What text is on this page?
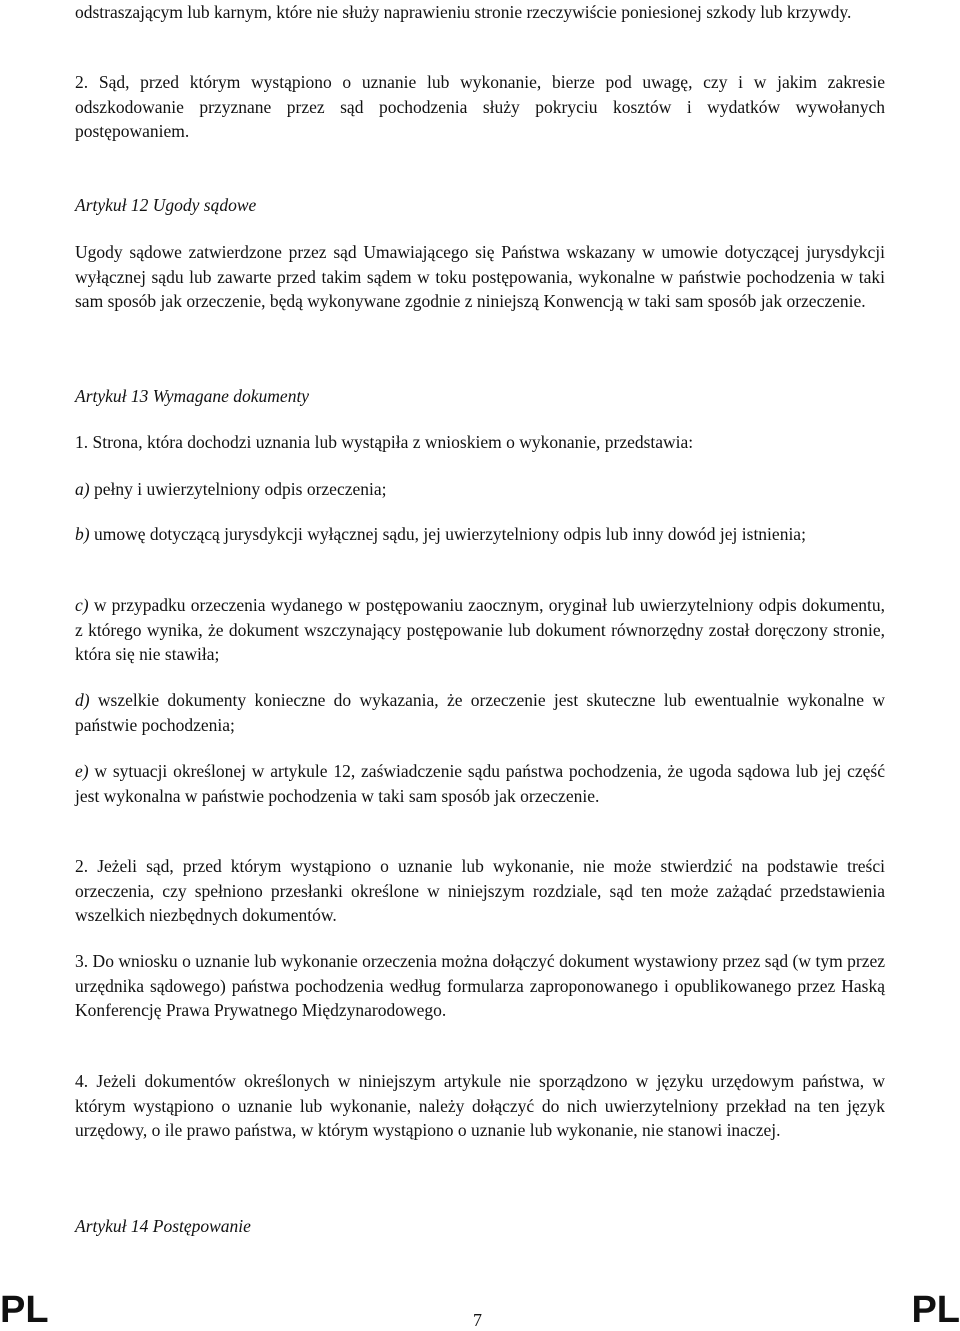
odstraszającym lub karnym, które nie służy naprawieniu stronie rzeczywiście poniesionej szkody lub krzywdy.

2. Sąd, przed którym wystąpiono o uznanie lub wykonanie, bierze pod uwagę, czy i w jakim zakresie odszkodowanie przyznane przez sąd pochodzenia służy pokryciu kosztów i wydatków wywołanych postępowaniem.

Artykuł 12 Ugody sądowe

Ugody sądowe zatwierdzone przez sąd Umawiającego się Państwa wskazany w umowie dotyczącej jurysdykcji wyłącznej sądu lub zawarte przed takim sądem w toku postępowania, wykonalne w państwie pochodzenia w taki sam sposób jak orzeczenie, będą wykonywane zgodnie z niniejszą Konwencją w taki sam sposób jak orzeczenie.

Artykuł 13 Wymagane dokumenty

1. Strona, która dochodzi uznania lub wystąpiła z wnioskiem o wykonanie, przedstawia:

a) pełny i uwierzytelniony odpis orzeczenia;

b) umowę dotyczącą jurysdykcji wyłącznej sądu, jej uwierzytelniony odpis lub inny dowód jej istnienia;

c) w przypadku orzeczenia wydanego w postępowaniu zaocznym, oryginał lub uwierzytelniony odpis dokumentu, z którego wynika, że dokument wszczynający postępowanie lub dokument równorzędny został doręczony stronie, która się nie stawiła;

d) wszelkie dokumenty konieczne do wykazania, że orzeczenie jest skuteczne lub ewentualnie wykonalne w państwie pochodzenia;

e) w sytuacji określonej w artykule 12, zaświadczenie sądu państwa pochodzenia, że ugoda sądowa lub jej część jest wykonalna w państwie pochodzenia w taki sam sposób jak orzeczenie.

2. Jeżeli sąd, przed którym wystąpiono o uznanie lub wykonanie, nie może stwierdzić na podstawie treści orzeczenia, czy spełniono przesłanki określone w niniejszym rozdziale, sąd ten może zażądać przedstawienia wszelkich niezbędnych dokumentów.

3. Do wniosku o uznanie lub wykonanie orzeczenia można dołączyć dokument wystawiony przez sąd (w tym przez urzędnika sądowego) państwa pochodzenia według formularza zaproponowanego i opublikowanego przez Haską Konferencję Prawa Prywatnego Międzynarodowego.

4. Jeżeli dokumentów określonych w niniejszym artykule nie sporządzono w języku urzędowym państwa, w którym wystąpiono o uznanie lub wykonanie, należy dołączyć do nich uwierzytelniony przekład na ten język urzędowy, o ile prawo państwa, w którym wystąpiono o uznanie lub wykonanie, nie stanowi inaczej.

Artykuł 14 Postępowanie

PL	7	PL
